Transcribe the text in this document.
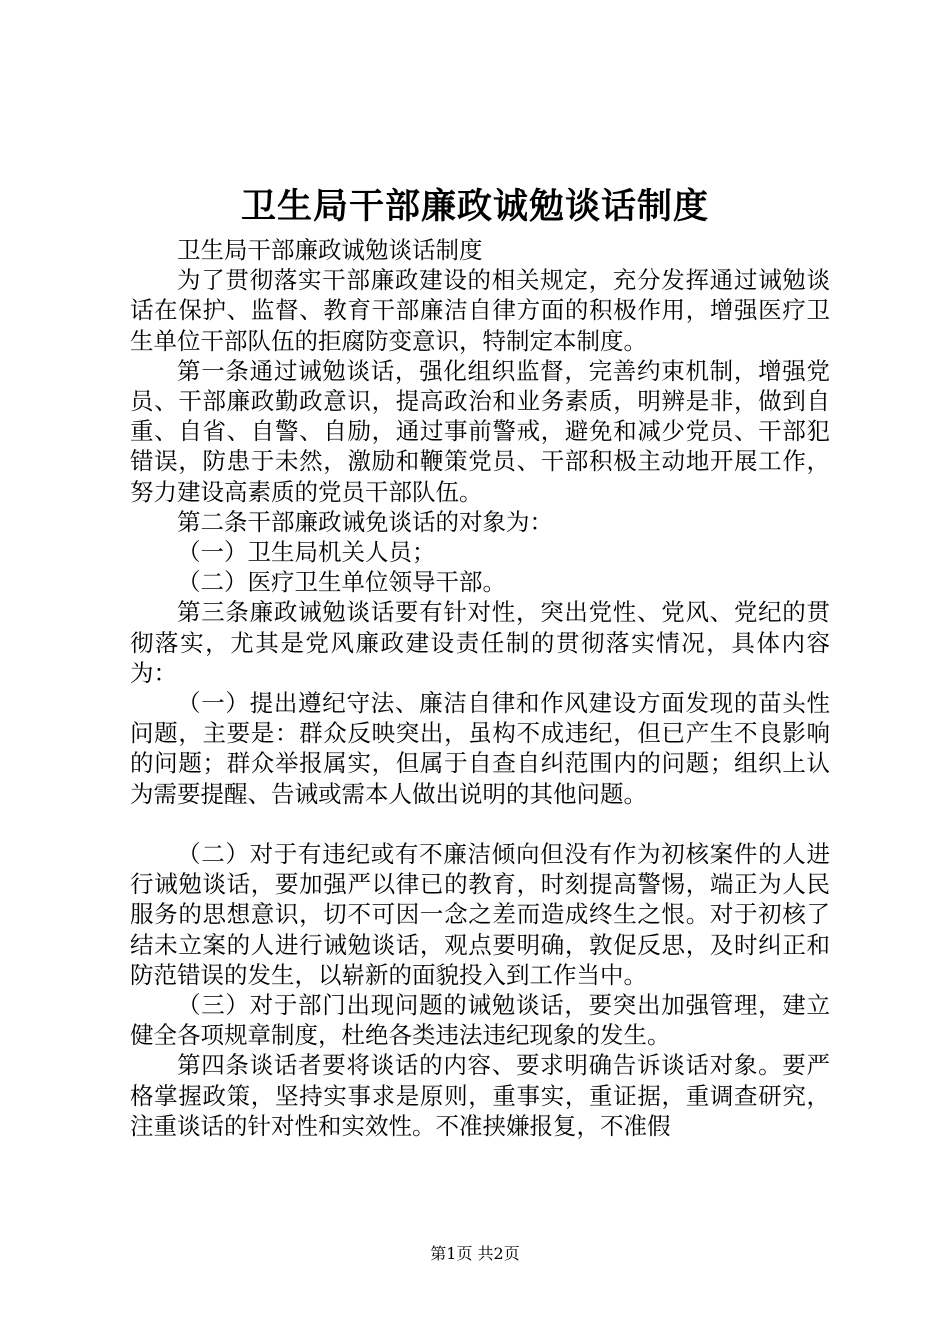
卫生局干部廉政诚勉谈话制度

卫生局干部廉政诚勉谈话制度

为了贯彻落实干部廉政建设的相关规定，充分发挥通过诫勉谈话在保护、监督、教育干部廉洁自律方面的积极作用，增强医疗卫生单位干部队伍的拒腐防变意识，特制定本制度。

第一条通过诫勉谈话，强化组织监督，完善约束机制，增强党员、干部廉政勤政意识，提高政治和业务素质，明辨是非，做到自重、自省、自警、自励，通过事前警戒，避免和减少党员、干部犯错误，防患于未然，激励和鞭策党员、干部积极主动地开展工作，努力建设高素质的党员干部队伍。

第二条干部廉政诫免谈话的对象为：

（一）卫生局机关人员；

（二）医疗卫生单位领导干部。

第三条廉政诫勉谈话要有针对性，突出党性、党风、党纪的贯彻落实，尤其是党风廉政建设责任制的贯彻落实情况，具体内容为：

（一）提出遵纪守法、廉洁自律和作风建设方面发现的苗头性问题，主要是：群众反映突出，虽构不成违纪，但已产生不良影响的问题；群众举报属实，但属于自查自纠范围内的问题；组织上认为需要提醒、告诫或需本人做出说明的其他问题。

（二）对于有违纪或有不廉洁倾向但没有作为初核案件的人进行诫勉谈话，要加强严以律已的教育，时刻提高警惕，端正为人民服务的思想意识，切不可因一念之差而造成终生之恨。对于初核了结未立案的人进行诫勉谈话，观点要明确，敦促反思，及时纠正和防范错误的发生，以崭新的面貌投入到工作当中。

（三）对于部门出现问题的诫勉谈话，要突出加强管理，建立健全各项规章制度，杜绝各类违法违纪现象的发生。

第四条谈话者要将谈话的内容、要求明确告诉谈话对象。要严格掌握政策，坚持实事求是原则，重事实，重证据，重调查研究，注重谈话的针对性和实效性。不准挟嫌报复，不准假

第1页 共2页
